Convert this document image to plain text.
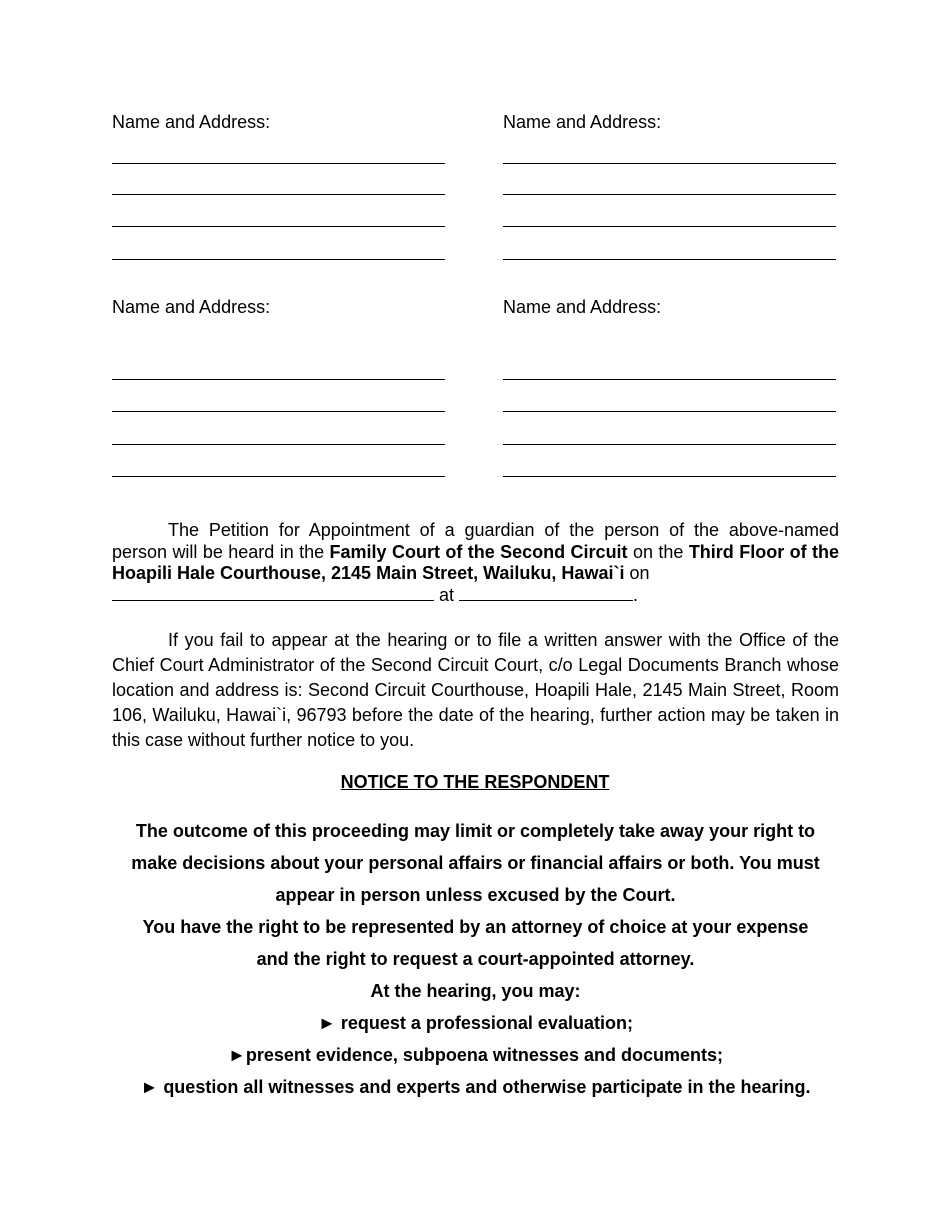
Name and Address:	Name and Address:
Name and Address:	Name and Address:
The Petition for Appointment of a guardian of the person of the above-named person will be heard in the Family Court of the Second Circuit on the Third Floor of the Hoapili Hale Courthouse, 2145 Main Street, Wailuku, Hawai`i on
at	.
If you fail to appear at the hearing or to file a written answer with the Office of the Chief Court Administrator of the Second Circuit Court, c/o Legal Documents Branch whose location and address is: Second Circuit Courthouse, Hoapili Hale, 2145 Main Street, Room 106, Wailuku, Hawai`i, 96793 before the date of the hearing, further action may be taken in this case without further notice to you.
NOTICE TO THE RESPONDENT
The outcome of this proceeding may limit or completely take away your right to
make decisions about your personal affairs or financial affairs or both. You must
appear in person unless excused by the Court.
You have the right to be represented by an attorney of choice at your expense
and the right to request a court-appointed attorney.
At the hearing, you may:
► request a professional evaluation;
►present evidence, subpoena witnesses and documents;
► question all witnesses and experts and otherwise participate in the hearing.
